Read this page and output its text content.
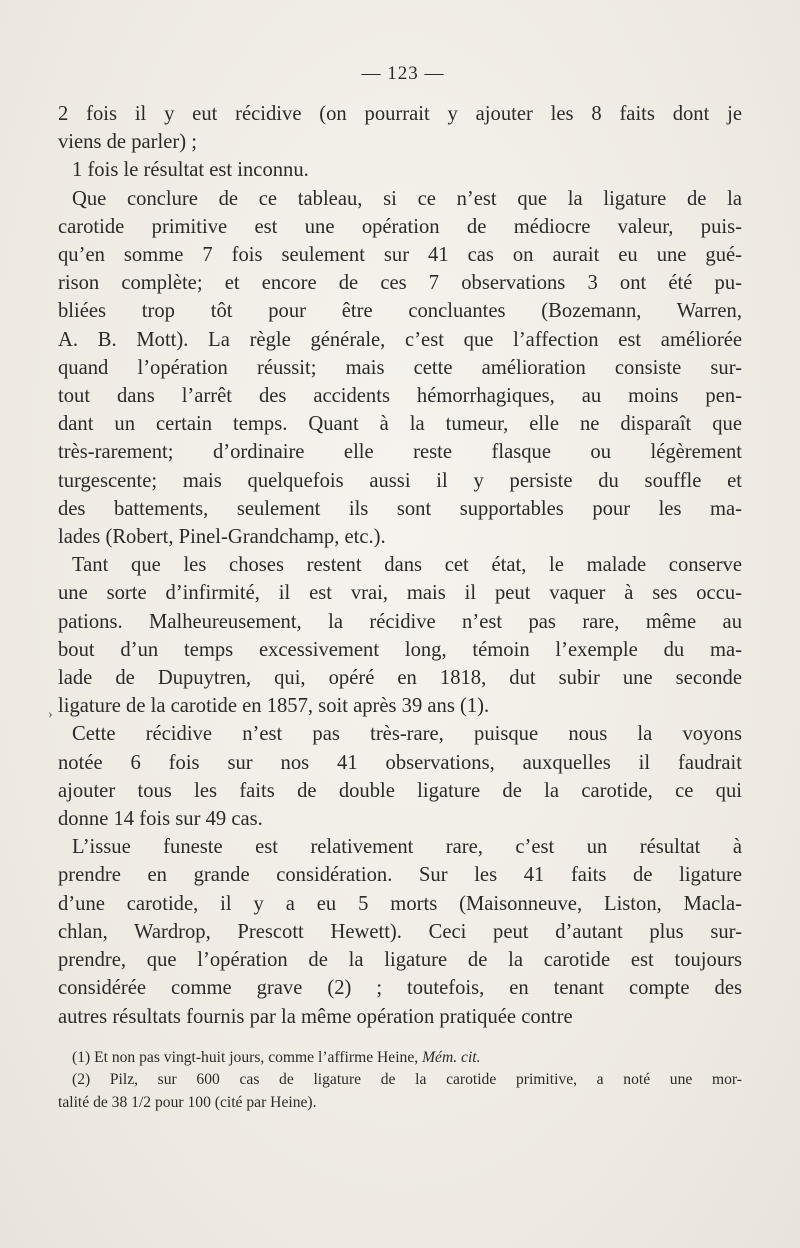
— 123 —

2 fois il y eut récidive (on pourrait y ajouter les 8 faits dont je
viens de parler) ;

1 fois le résultat est inconnu.

Que conclure de ce tableau, si ce n’est que la ligature de la
carotide primitive est une opération de médiocre valeur, puis-
qu’en somme 7 fois seulement sur 41 cas on aurait eu une gué-
rison complète; et encore de ces 7 observations 3 ont été pu-
bliées trop tôt pour être concluantes (Bozemann, Warren,
A. B. Mott). La règle générale, c’est que l’affection est améliorée
quand l’opération réussit; mais cette amélioration consiste sur-
tout dans l’arrêt des accidents hémorrhagiques, au moins pen-
dant un certain temps. Quant à la tumeur, elle ne disparaît que
très-rarement; d’ordinaire elle reste flasque ou légèrement
turgescente; mais quelquefois aussi il y persiste du souffle et
des battements, seulement ils sont supportables pour les ma-
lades (Robert, Pinel-Grandchamp, etc.).

Tant que les choses restent dans cet état, le malade conserve
une sorte d’infirmité, il est vrai, mais il peut vaquer à ses occu-
pations. Malheureusement, la récidive n’est pas rare, même au
bout d’un temps excessivement long, témoin l’exemple du ma-
lade de Dupuytren, qui, opéré en 1818, dut subir une seconde
ligature de la carotide en 1857, soit après 39 ans (1).

Cette récidive n’est pas très-rare, puisque nous la voyons
notée 6 fois sur nos 41 observations, auxquelles il faudrait
ajouter tous les faits de double ligature de la carotide, ce qui
donne 14 fois sur 49 cas.

L’issue funeste est relativement rare, c’est un résultat à
prendre en grande considération. Sur les 41 faits de ligature
d’une carotide, il y a eu 5 morts (Maisonneuve, Liston, Macla-
chlan, Wardrop, Prescott Hewett). Ceci peut d’autant plus sur-
prendre, que l’opération de la ligature de la carotide est toujours
considérée comme grave (2) ; toutefois, en tenant compte des
autres résultats fournis par la même opération pratiquée contre

(1) Et non pas vingt-huit jours, comme l’affirme Heine, Mém. cit.
(2) Pilz, sur 600 cas de ligature de la carotide primitive, a noté une mor-
talité de 38 1/2 pour 100 (cité par Heine).
›
